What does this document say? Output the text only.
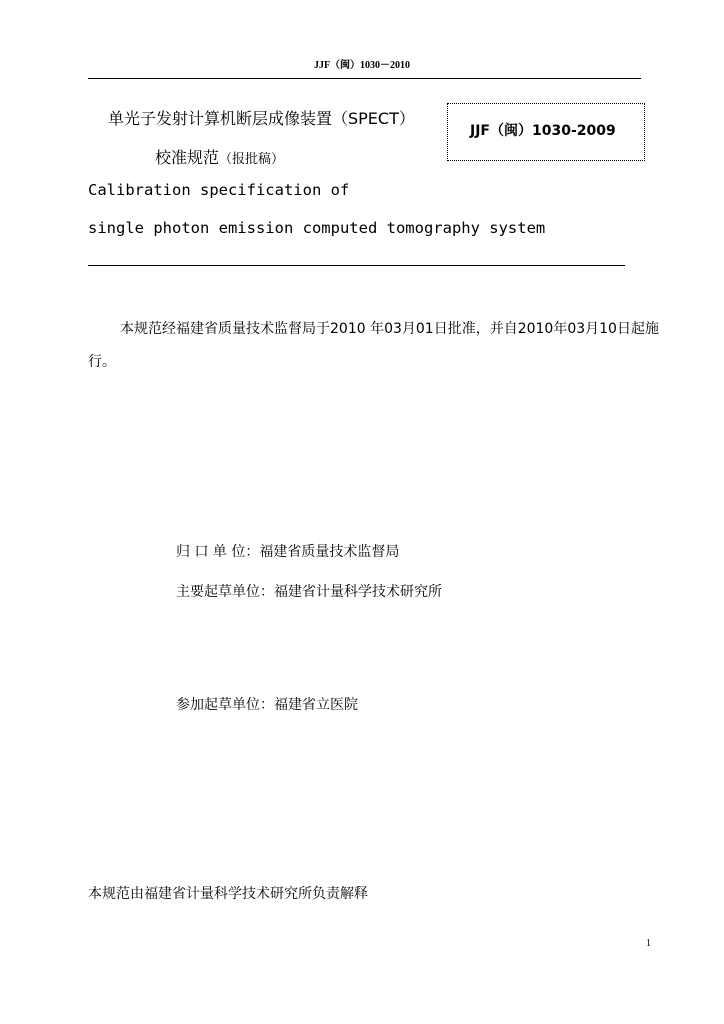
JJF（闽）1030－2010
单光子发射计算机断层成像装置（SPECT）
校准规范（报批稿）
JJF（闽）1030-2009
Calibration specification of
single photon emission computed tomography system
本规范经福建省质量技术监督局于2010 年03月01日批准，并自2010年03月10日起施行。
归 口 单 位：福建省质量技术监督局
主要起草单位：福建省计量科学技术研究所
参加起草单位：福建省立医院
本规范由福建省计量科学技术研究所负责解释
1
